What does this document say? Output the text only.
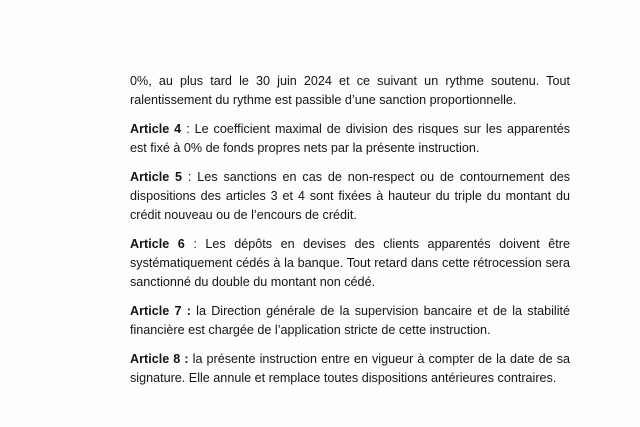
0%, au plus tard le 30 juin 2024 et ce suivant un rythme soutenu. Tout ralentissement du rythme est passible d’une sanction proportionnelle.

Article 4 : Le coefficient maximal de division des risques sur les apparentés est fixé à 0% de fonds propres nets par la présente instruction.

Article 5 : Les sanctions en cas de non-respect ou de contournement des dispositions des articles 3 et 4 sont fixées à hauteur du triple du montant du crédit nouveau ou de l’encours de crédit.

Article 6 : Les dépôts en devises des clients apparentés doivent être systématiquement cédés à la banque. Tout retard dans cette rétrocession sera sanctionné du double du montant non cédé.

Article 7 : la Direction générale de la supervision bancaire et de la stabilité financière est chargée de l’application stricte de cette instruction.

Article 8 : la présente instruction entre en vigueur à compter de la date de sa signature. Elle annule et remplace toutes dispositions antérieures contraires.
